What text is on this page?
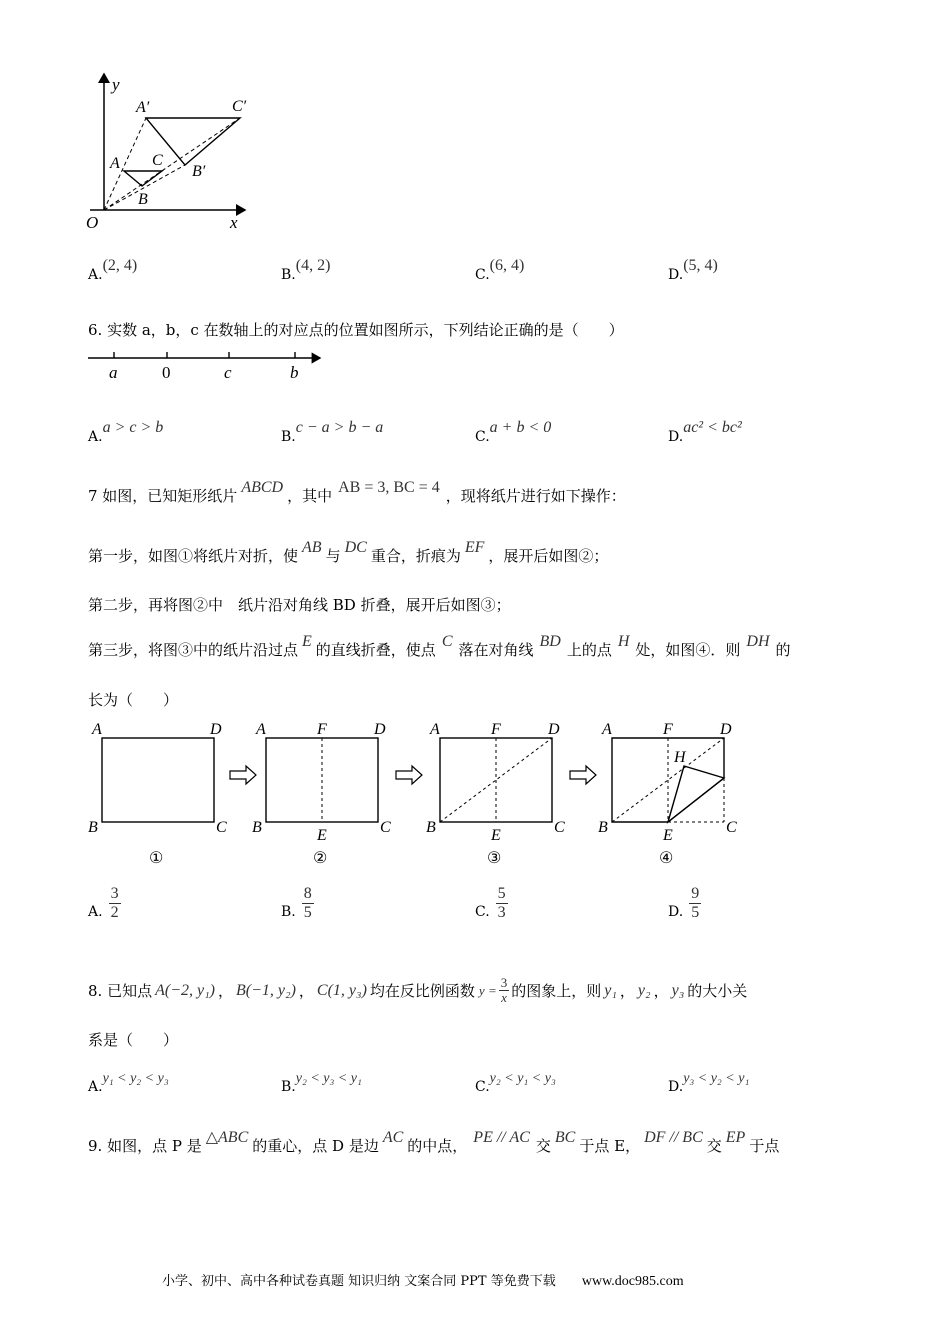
y
x
O
A
B
C
A′
B′
C′
A.(2, 4)
B.(4, 2)
C.(6, 4)
D.(5, 4)
6. 实数 a，b，c 在数轴上的对应点的位置如图所示，下列结论正确的是（　　）
a	0	c	b
A.a > c > b
B.c − a > b − a
C.a + b < 0
D.ac² < bc²
7 如图，已知矩形纸片 ABCD ，其中 AB = 3, BC = 4 ，现将纸片进行如下操作：
第一步，如图①将纸片对折，使 AB 与 DC 重合，折痕为 EF ，展开后如图②；
第二步，再将图②中　纸片沿对角线 BD 折叠，展开后如图③；
第三步，将图③中的纸片沿过点 E 的直线折叠，使点 C 落在对角线 BD 上的点 H 处，如图④．则 DH 的
长为（　　）
A	D
B	C
①
A	F	D
B	E	C
②
A	F	D
B	E	C
③
A	F	D
H
B	E	C
④
A. $\frac{3}{2}$	B. $\frac{8}{5}$	C. $\frac{5}{3}$	D. $\frac{9}{5}$
8. 已知点 A(−2, y₁) ， B(−1, y₂) ， C(1, y₃) 均在反比例函数 $y = \frac{3}{x}$ 的图象上，则 y₁ ， y₂ ， y₃ 的大小关
系是（　　）
A.y₁ < y₂ < y₃
B.y₂ < y₃ < y₁
C.y₂ < y₁ < y₃
D.y₃ < y₂ < y₁
9. 如图，点 P 是 △ABC 的重心，点 D 是边 AC 的中点， PE // AC 交 BC 于点 E， DF // BC 交 EP 于点
小学、初中、高中各种试卷真题 知识归纳 文案合同 PPT 等免费下载 www.doc985.com
